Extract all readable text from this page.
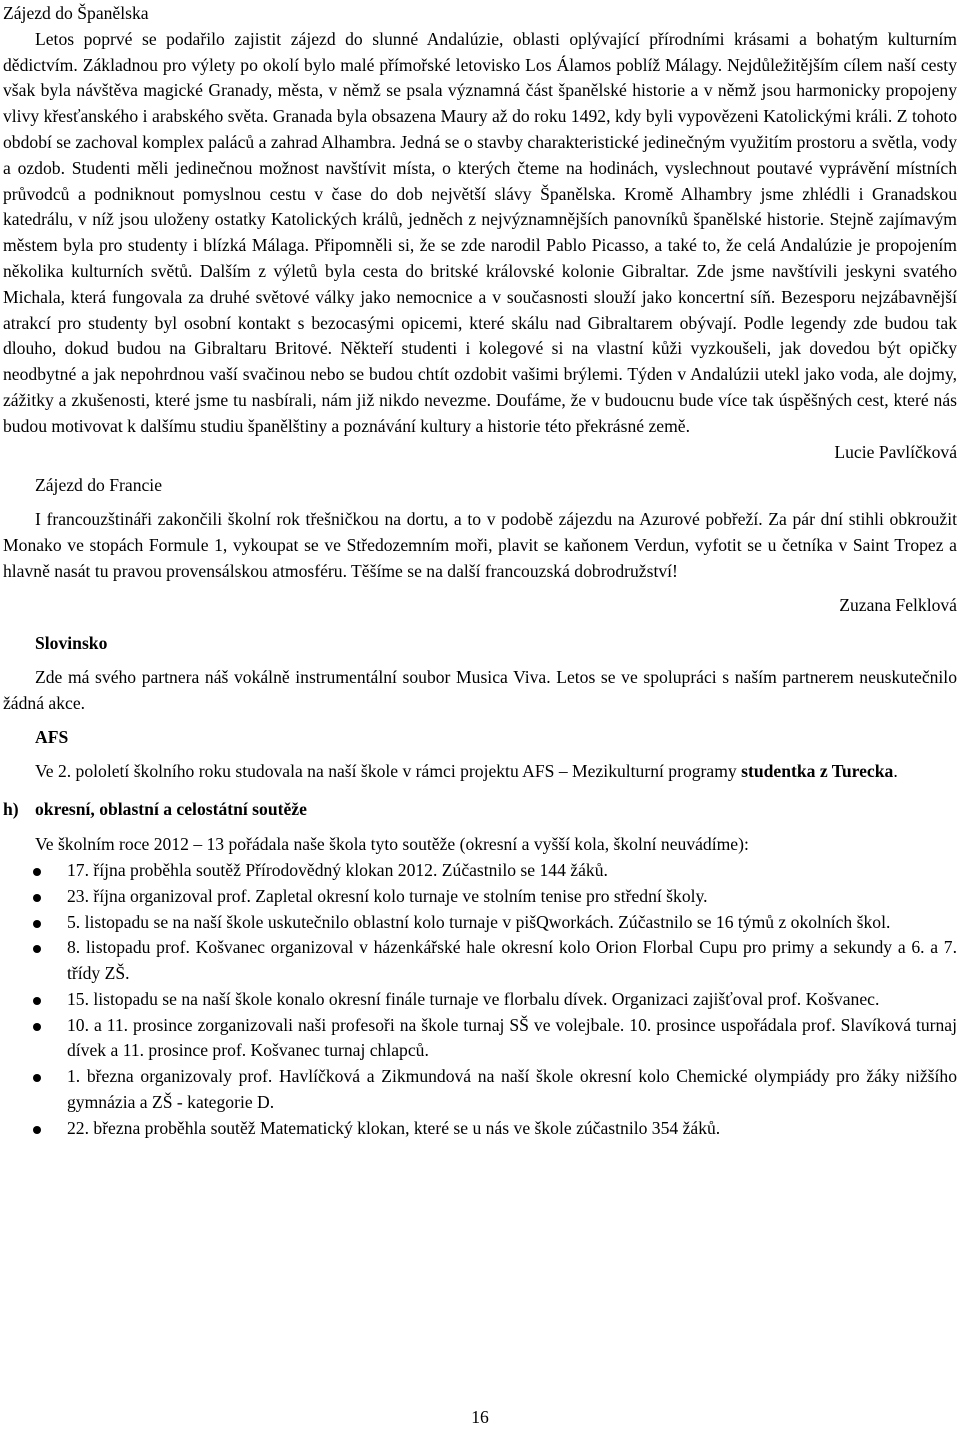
Zájezd do Španělska

Letos poprvé se podařilo zajistit zájezd do slunné Andalúzie, oblasti oplývající přírodními krásami a bohatým kulturním dědictvím. Základnou pro výlety po okolí bylo malé přímořské letovisko Los Álamos poblíž Málagy. Nejdůležitějším cílem naší cesty však byla návštěva magické Granady, města, v němž se psala významná část španělské historie a v němž jsou harmonicky propojeny vlivy křesťanského i arabského světa. Granada byla obsazena Maury až do roku 1492, kdy byli vypovězeni Katolickými králi. Z tohoto období se zachoval komplex paláců a zahrad Alhambra. Jedná se o stavby charakteristické jedinečným využitím prostoru a světla, vody a ozdob. Studenti měli jedinečnou možnost navštívit místa, o kterých čteme na hodinách, vyslechnout poutavé vyprávění místních průvodců a podniknout pomyslnou cestu v čase do dob největší slávy Španělska. Kromě Alhambry jsme zhlédli i Granadskou katedrálu, v níž jsou uloženy ostatky Katolických králů, jedněch z nejvýznamnějších panovníků španělské historie. Stejně zajímavým městem byla pro studenty i blízká Málaga. Připomněli si, že se zde narodil Pablo Picasso, a také to, že celá Andalúzie je propojením několika kulturních světů. Dalším z výletů byla cesta do britské královské kolonie Gibraltar. Zde jsme navštívili jeskyni svatého Michala, která fungovala za druhé světové války jako nemocnice a v současnosti slouží jako koncertní síň. Bezesporu nejzábavnější atrakcí pro studenty byl osobní kontakt s bezocasými opicemi, které skálu nad Gibraltarem obývají. Podle legendy zde budou tak dlouho, dokud budou na Gibraltaru Britové. Někteří studenti i kolegové si na vlastní kůži vyzkoušeli, jak dovedou být opičky neodbytné a jak nepohrdnou vaší svačinou nebo se budou chtít ozdobit vašimi brýlemi. Týden v Andalúzii utekl jako voda, ale dojmy, zážitky a zkušenosti, které jsme tu nasbírali, nám již nikdo nevezme. Doufáme, že v budoucnu bude více tak úspěšných cest, které nás budou motivovat k dalšímu studiu španělštiny a poznávání kultury a historie této překrásné země.

Lucie Pavlíčková

Zájezd do Francie

I francouzštináři zakončili školní rok třešničkou na dortu, a to v podobě zájezdu na Azurové pobřeží. Za pár dní stihli obkroužit Monako ve stopách Formule 1, vykoupat se ve Středozemním moři, plavit se kaňonem Verdun, vyfotit se u četníka v Saint Tropez a hlavně nasát tu pravou provensálskou atmosféru. Těšíme se na další francouzská dobrodružství!

Zuzana Felklová

Slovinsko

Zde má svého partnera náš vokálně instrumentální soubor Musica Viva. Letos se ve spolupráci s naším partnerem neuskutečnilo žádná akce.

AFS

Ve 2. pololetí školního roku studovala na naší škole v rámci projektu AFS – Mezikulturní programy studentka z Turecka.

h) okresní, oblastní a celostátní soutěže

Ve školním roce 2012 – 13 pořádala naše škola tyto soutěže (okresní a vyšší kola, školní neuvádíme):

17. října proběhla soutěž Přírodovědný klokan 2012. Zúčastnilo se 144 žáků.
23. října organizoval prof. Zapletal okresní kolo turnaje ve stolním tenise pro střední školy.
5. listopadu se na naší škole uskutečnilo oblastní kolo turnaje v pišQworkách. Zúčastnilo se 16 týmů z okolních škol.
8. listopadu prof. Košvanec organizoval v házenkářské hale okresní kolo Orion Florbal Cupu pro primy a sekundy a 6. a 7. třídy ZŠ.
15. listopadu se na naší škole konalo okresní finále turnaje ve florbalu dívek. Organizaci zajišťoval prof. Košvanec.
10. a 11. prosince zorganizovali naši profesoři na škole turnaj SŠ ve volejbale. 10. prosince uspořádala prof. Slavíková turnaj dívek a 11. prosince prof. Košvanec turnaj chlapců.
1. března organizovaly prof. Havlíčková a Zikmundová na naší škole okresní kolo Chemické olympiády pro žáky nižšího gymnázia a ZŠ - kategorie D.
22. března proběhla soutěž Matematický klokan, které se u nás ve škole zúčastnilo 354 žáků.
16
